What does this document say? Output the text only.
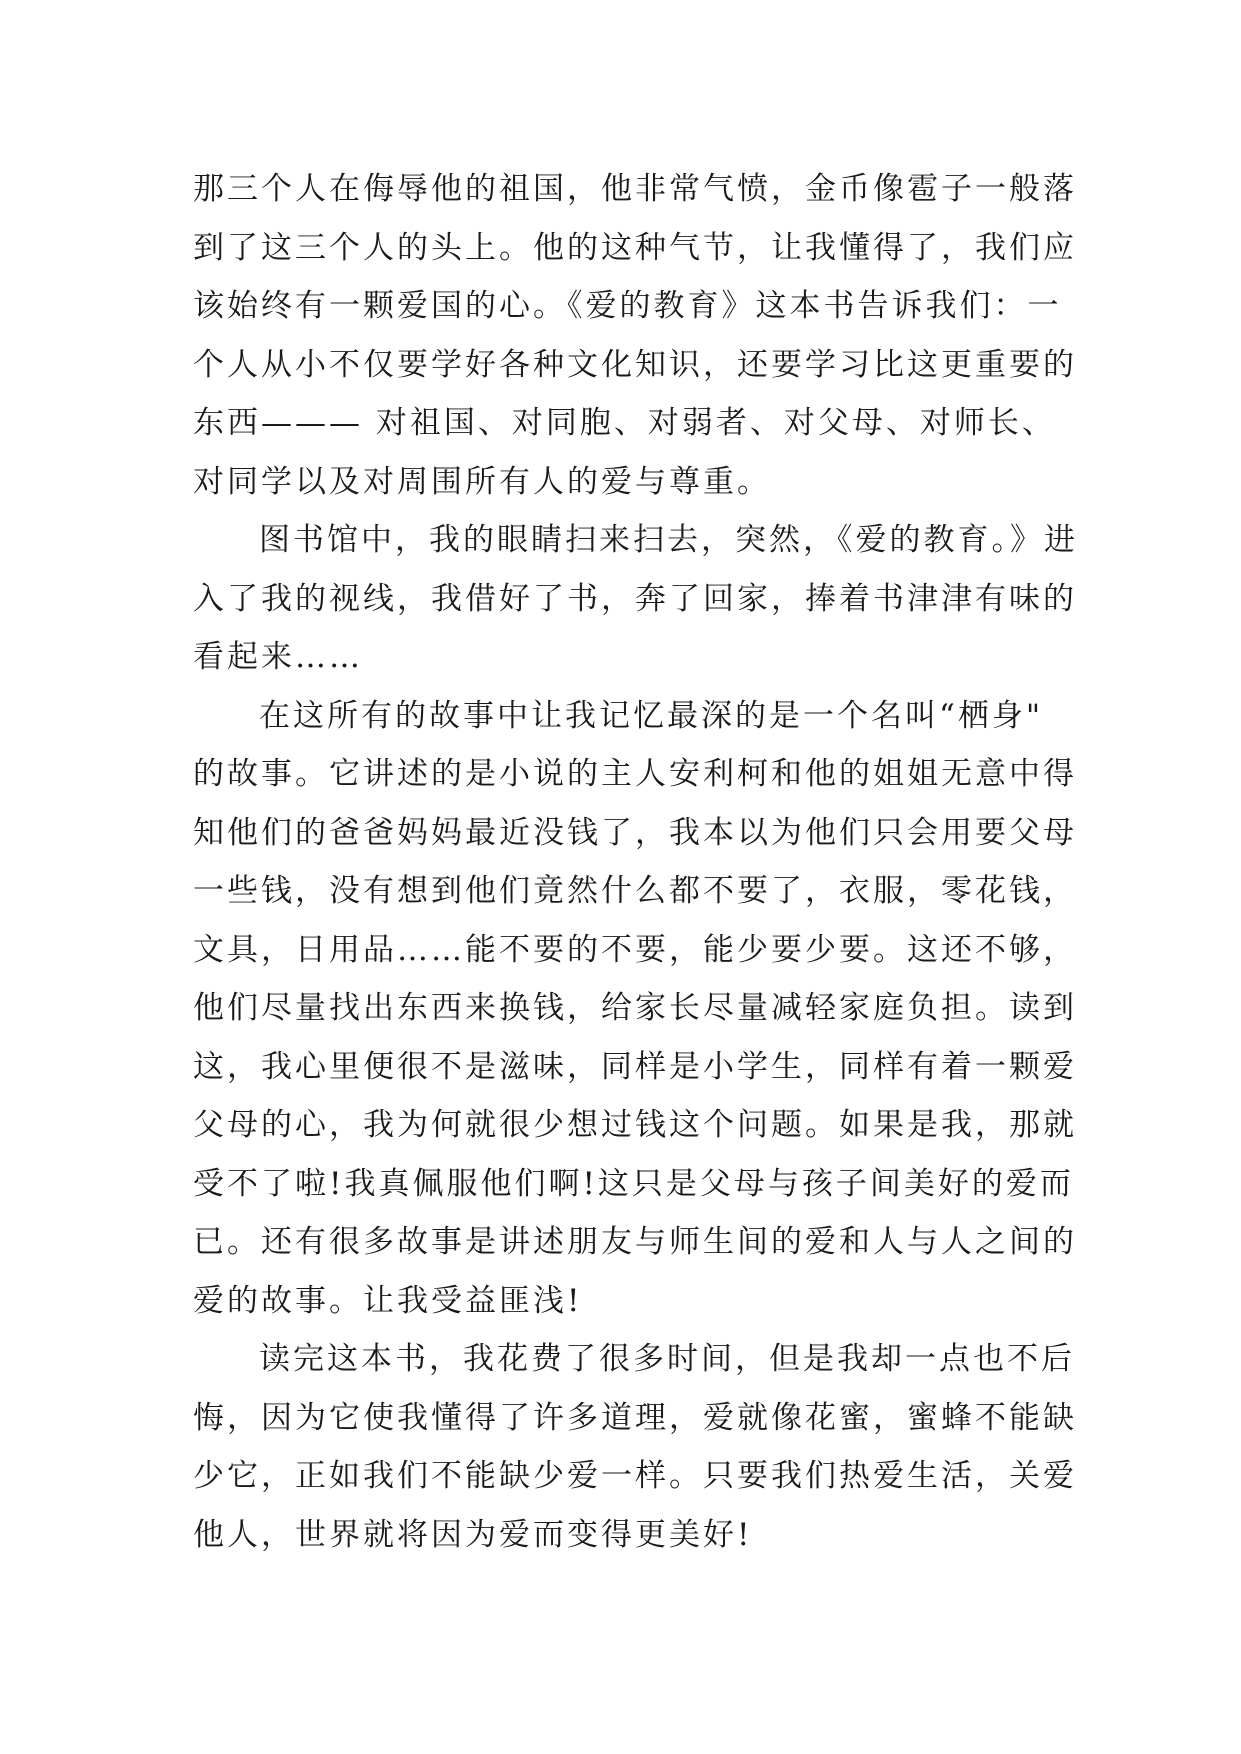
那三个人在侮辱他的祖国，他非常气愤，金币像雹子一般落
到了这三个人的头上。他的这种气节，让我懂得了，我们应
该始终有一颗爱国的心。《爱的教育》这本书告诉我们：一
个人从小不仅要学好各种文化知识，还要学习比这更重要的
东西——— 对祖国、对同胞、对弱者、对父母、对师长、
对同学以及对周围所有人的爱与尊重。
图书馆中，我的眼睛扫来扫去，突然，《爱的教育。》进
入了我的视线，我借好了书，奔了回家，捧着书津津有味的
看起来……
在这所有的故事中让我记忆最深的是一个名叫“栖身"
的故事。它讲述的是小说的主人安利柯和他的姐姐无意中得
知他们的爸爸妈妈最近没钱了，我本以为他们只会用要父母
一些钱，没有想到他们竟然什么都不要了，衣服，零花钱，
文具，日用品……能不要的不要，能少要少要。这还不够，
他们尽量找出东西来换钱，给家长尽量减轻家庭负担。读到
这，我心里便很不是滋味，同样是小学生，同样有着一颗爱
父母的心，我为何就很少想过钱这个问题。如果是我，那就
受不了啦!我真佩服他们啊!这只是父母与孩子间美好的爱而
已。还有很多故事是讲述朋友与师生间的爱和人与人之间的
爱的故事。让我受益匪浅!
读完这本书，我花费了很多时间，但是我却一点也不后
悔，因为它使我懂得了许多道理，爱就像花蜜，蜜蜂不能缺
少它，正如我们不能缺少爱一样。只要我们热爱生活，关爱
他人，世界就将因为爱而变得更美好!
